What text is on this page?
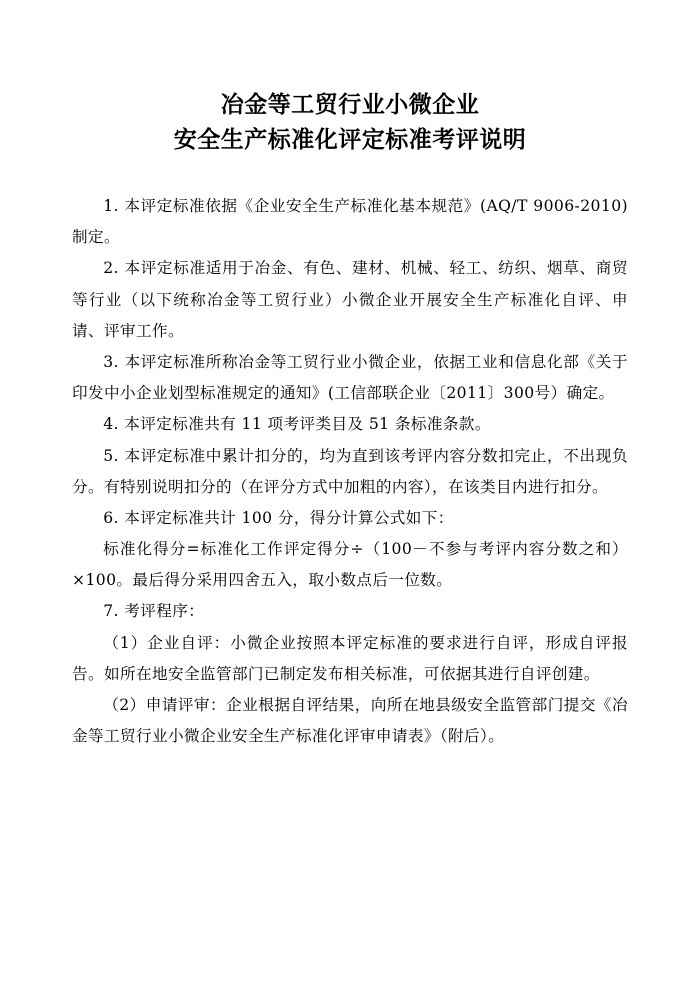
冶金等工贸行业小微企业
安全生产标准化评定标准考评说明

1. 本评定标准依据《企业安全生产标准化基本规范》(AQ/T 9006-2010)制定。

2. 本评定标准适用于冶金、有色、建材、机械、轻工、纺织、烟草、商贸等行业（以下统称冶金等工贸行业）小微企业开展安全生产标准化自评、申请、评审工作。

3. 本评定标准所称冶金等工贸行业小微企业，依据工业和信息化部《关于印发中小企业划型标准规定的通知》(工信部联企业〔2011〕300号）确定。

4. 本评定标准共有 11 项考评类目及 51 条标准条款。

5. 本评定标准中累计扣分的，均为直到该考评内容分数扣完止，不出现负分。有特别说明扣分的（在评分方式中加粗的内容），在该类目内进行扣分。

6. 本评定标准共计 100 分，得分计算公式如下：

标准化得分=标准化工作评定得分÷（100－不参与考评内容分数之和）×100。最后得分采用四舍五入，取小数点后一位数。

7. 考评程序：

（1）企业自评：小微企业按照本评定标准的要求进行自评，形成自评报告。如所在地安全监管部门已制定发布相关标准，可依据其进行自评创建。

（2）申请评审：企业根据自评结果，向所在地县级安全监管部门提交《冶金等工贸行业小微企业安全生产标准化评审申请表》（附后）。
